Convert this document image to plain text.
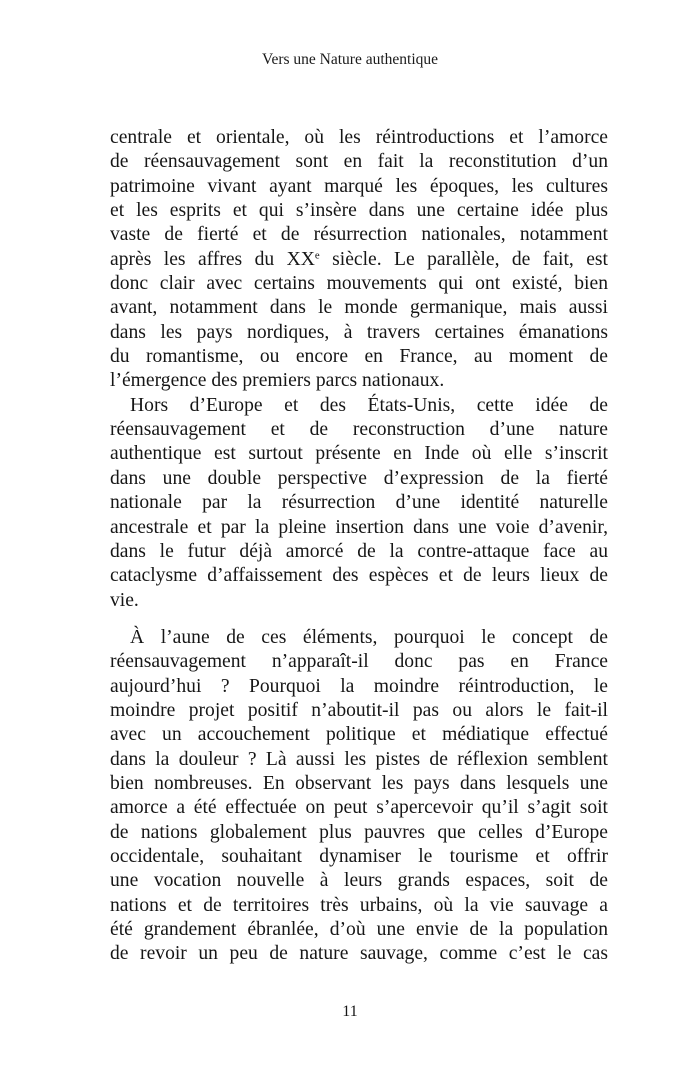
Vers une Nature authentique
centrale et orientale, où les réintroductions et l’amorce
de réensauvagement sont en fait la reconstitution d’un
patrimoine vivant ayant marqué les époques, les cultures
et les esprits et qui s’insère dans une certaine idée plus
vaste de fierté et de résurrection nationales, notamment
après les affres du XXe siècle. Le parallèle, de fait, est
donc clair avec certains mouvements qui ont existé, bien
avant, notamment dans le monde germanique, mais aussi
dans les pays nordiques, à travers certaines émanations
du romantisme, ou encore en France, au moment de
l’émergence des premiers parcs nationaux.
Hors d’Europe et des États-Unis, cette idée de
réensauvagement et de reconstruction d’une nature
authentique est surtout présente en Inde où elle s’inscrit
dans une double perspective d’expression de la fierté
nationale par la résurrection d’une identité naturelle
ancestrale et par la pleine insertion dans une voie d’avenir,
dans le futur déjà amorcé de la contre-attaque face au
cataclysme d’affaissement des espèces et de leurs lieux de
vie.
À l’aune de ces éléments, pourquoi le concept de
réensauvagement n’apparaît-il donc pas en France
aujourd’hui ? Pourquoi la moindre réintroduction, le
moindre projet positif n’aboutit-il pas ou alors le fait-il
avec un accouchement politique et médiatique effectué
dans la douleur ? Là aussi les pistes de réflexion semblent
bien nombreuses. En observant les pays dans lesquels une
amorce a été effectuée on peut s’apercevoir qu’il s’agit soit
de nations globalement plus pauvres que celles d’Europe
occidentale, souhaitant dynamiser le tourisme et offrir
une vocation nouvelle à leurs grands espaces, soit de
nations et de territoires très urbains, où la vie sauvage a
été grandement ébranlée, d’où une envie de la population
de revoir un peu de nature sauvage, comme c’est le cas
11
